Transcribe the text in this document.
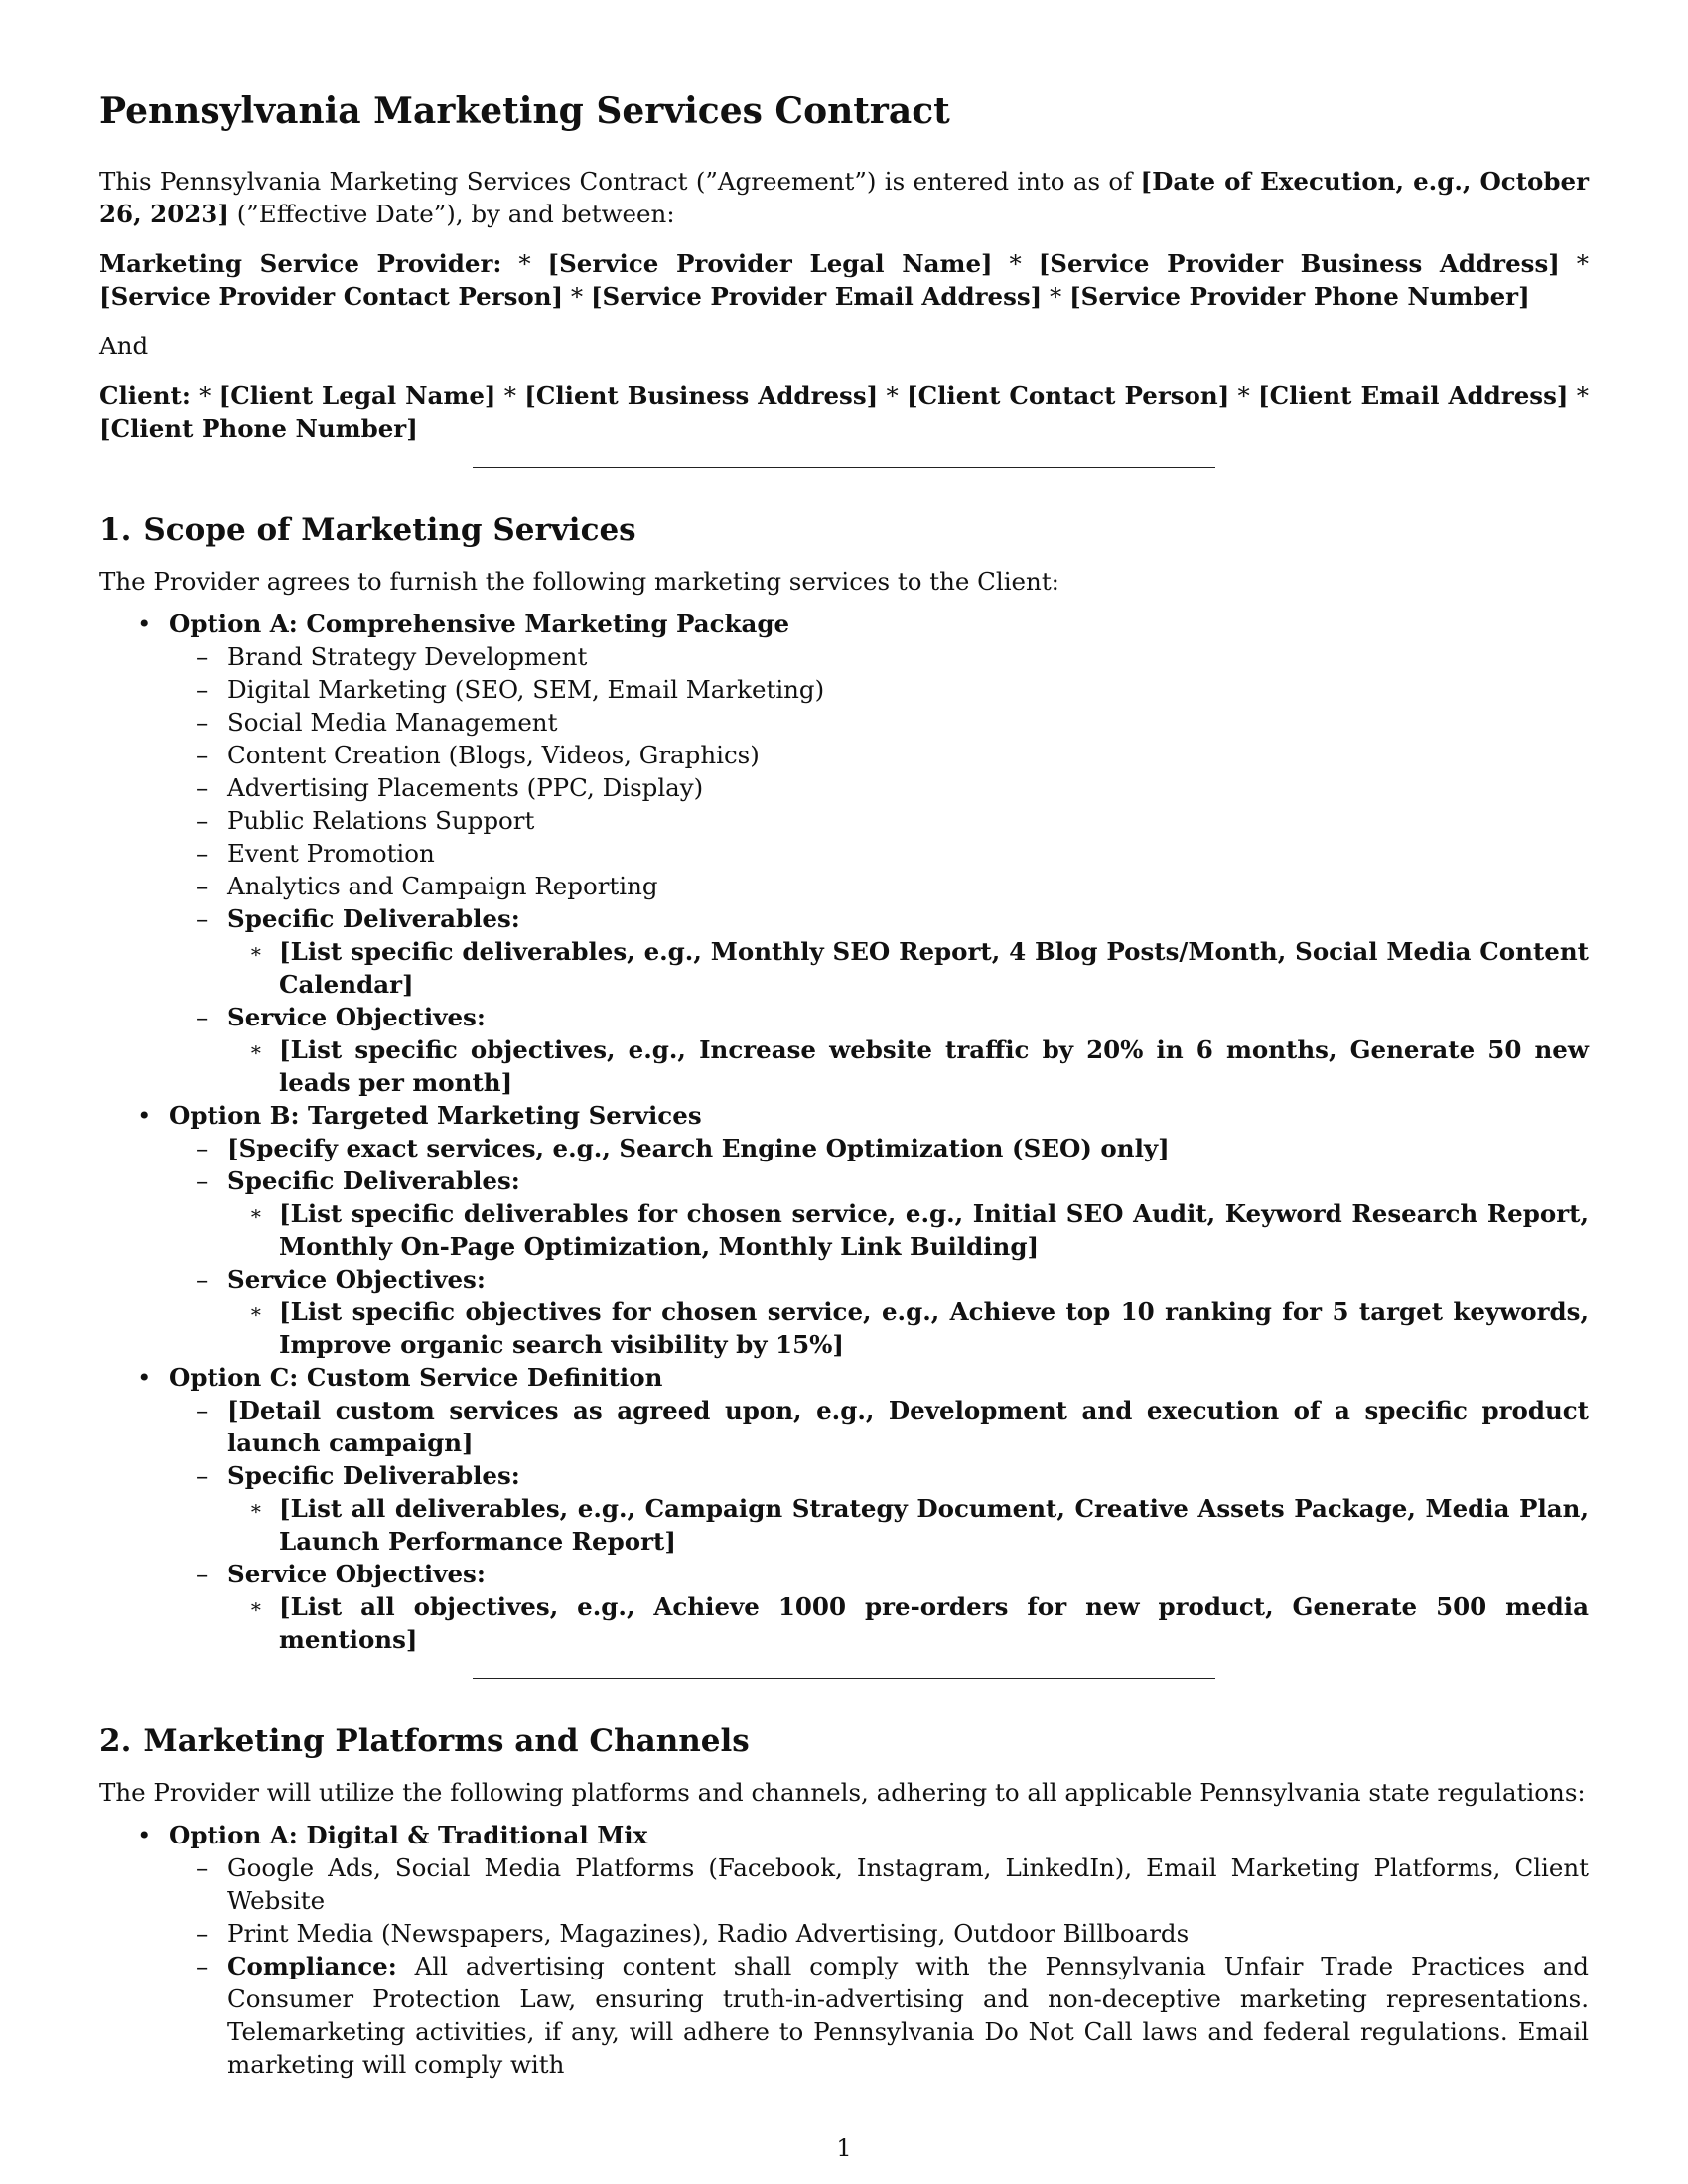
Pennsylvania Marketing Services Contract

This Pennsylvania Marketing Services Contract (”Agreement”) is entered into as of [Date of Execution, e.g., October 26, 2023] (”Effective Date”), by and between:

Marketing Service Provider: * [Service Provider Legal Name] * [Service Provider Business Address] * [Service Provider Contact Person] * [Service Provider Email Address] * [Service Provider Phone Number]

And

Client: * [Client Legal Name] * [Client Business Address] * [Client Contact Person] * [Client Email Address] * [Client Phone Number]

1. Scope of Marketing Services

The Provider agrees to furnish the following marketing services to the Client:

• Option A: Comprehensive Marketing Package
– Brand Strategy Development
– Digital Marketing (SEO, SEM, Email Marketing)
– Social Media Management
– Content Creation (Blogs, Videos, Graphics)
– Advertising Placements (PPC, Display)
– Public Relations Support
– Event Promotion
– Analytics and Campaign Reporting
– Specific Deliverables:
∗ [List specific deliverables, e.g., Monthly SEO Report, 4 Blog Posts/Month, Social Media Content Calendar]
– Service Objectives:
∗ [List specific objectives, e.g., Increase website traffic by 20% in 6 months, Generate 50 new leads per month]
• Option B: Targeted Marketing Services
– [Specify exact services, e.g., Search Engine Optimization (SEO) only]
– Specific Deliverables:
∗ [List specific deliverables for chosen service, e.g., Initial SEO Audit, Keyword Research Report, Monthly On-Page Optimization, Monthly Link Building]
– Service Objectives:
∗ [List specific objectives for chosen service, e.g., Achieve top 10 ranking for 5 target keywords, Improve organic search visibility by 15%]
• Option C: Custom Service Definition
– [Detail custom services as agreed upon, e.g., Development and execution of a specific product launch campaign]
– Specific Deliverables:
∗ [List all deliverables, e.g., Campaign Strategy Document, Creative Assets Package, Media Plan, Launch Performance Report]
– Service Objectives:
∗ [List all objectives, e.g., Achieve 1000 pre-orders for new product, Generate 500 media mentions]
2. Marketing Platforms and Channels

The Provider will utilize the following platforms and channels, adhering to all applicable Pennsylvania state regulations:

• Option A: Digital & Traditional Mix
– Google Ads, Social Media Platforms (Facebook, Instagram, LinkedIn), Email Marketing Platforms, Client Website
– Print Media (Newspapers, Magazines), Radio Advertising, Outdoor Billboards
– Compliance: All advertising content shall comply with the Pennsylvania Unfair Trade Practices and Consumer Protection Law, ensuring truth-in-advertising and non-deceptive marketing representations. Telemarketing activities, if any, will adhere to Pennsylvania Do Not Call laws and federal regulations. Email marketing will comply with
1
